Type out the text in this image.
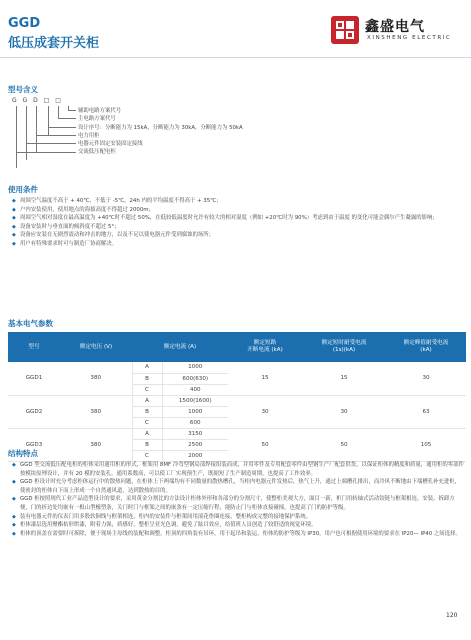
GGD
低压成套开关柜
鑫盛电气
XINSHENG ELECTRIC
型号含义
G G D □ □
辅助电路方案代号
主电路方案代号
设计序号：分断能力为 15kA，分断能力为 30kA，分断能力为 50kA
电力用柜
电器元件固定安装固定接线
交流低压配电柜
使用条件
◆ 周围空气温度不高于 + 40℃，不低于 -5℃，24h 内的平均温度不得高于 + 35℃；
◆ 户内安装使用，使用地点的海拔高度不得超过 2000m；
◆ 周围空气相对湿度在最高温度为 +40℃时不超过 50%，在低较低温度时允许有较大的相对湿度（例如 +20℃时为 90%）考虑到由于温度 的变化可能会偶尔产生凝露的影响；
◆ 设备安装时与垂直面的倾斜度不超过 5°；
◆ 设备应安装在无剧烈震动和冲击的地方，以及不足以使电器元件受到腐蚀的场所；
◆ 用户有特殊要求时可与制造厂协商解决。
基本电气参数
型号	额定电压 (V)	额定电流 (A)		额定短路
开断电流 (kA)	额定短时耐受电流
(1s)(kA)	额定峰值耐受电流
(kA)
GGD1	380	A	1000	15	15	30
		B	600(630)			
		C	400			
GGD2	380	A	1500(1600)	30	30	63
		B	1000			
		C	600			
GGD3	380	A	3150	50	50	105
		B	2500			
		C	2000			
结构特点
◆ GGD 型交流低压配电柜的柜体采用通用柜的形式，框架用 8MF 冷弯型钢局部焊接组装而成，并用零件及专用配套零件由型钢生产厂配套供货，以保证柜体的精度和质量，通用柜的零部件按模块原理设计，并有 20 模的安装孔，通用系数高，可以使工厂实现预生产，既缩短了生产制造周期，也提高了工作效率。
◆ GGD 柜设计时充分考虑柜体运行中的散热问题，在柜体上下两端均有不同数量的散热槽孔，当柜内电器元件发热后，热气上升，通过上端槽孔排出，而冷风不断地由下端槽孔补充进柜，使密封的柜体自下而上形成一个自然通风道，达到散热的目的。
◆ GGD 柜按照现代工业产品造型设计的要求，采用黄金分割比的方法设计柜体外形和各部分的分割尺寸，使整柜美观大方，面目一新，柜门用转轴式活动铰链与框架相连，安装、拆卸方便，门的折边处均嵌有一根山型橡塑条，关门时门与框架之间的嵌条有一定压缩行程，能防止门与柜体直接碰撞，也提高了门的防护等级。
◆ 装有电器元件的仪表门用多股软铜线与框架相连，柜内的安装件与框架间用滚花垫圈连接，整柜构成完整的接地保护系统。
◆ 柜体漆层选用聚酯桔形烘漆，附着力强，质感好，整柜呈亚光色调，避免了眩目效应，给值班人员创造了较舒适的视觉环境。
◆ 柜体的顶盖在需要时可拆除，便于现场主母线的装配和调整，柜顶的四角装有吊环，用于起吊和装运，柜体的防护等级为 IP30，用户也可根据使用环境的要求在 IP20— IP40 之间选择。
120
